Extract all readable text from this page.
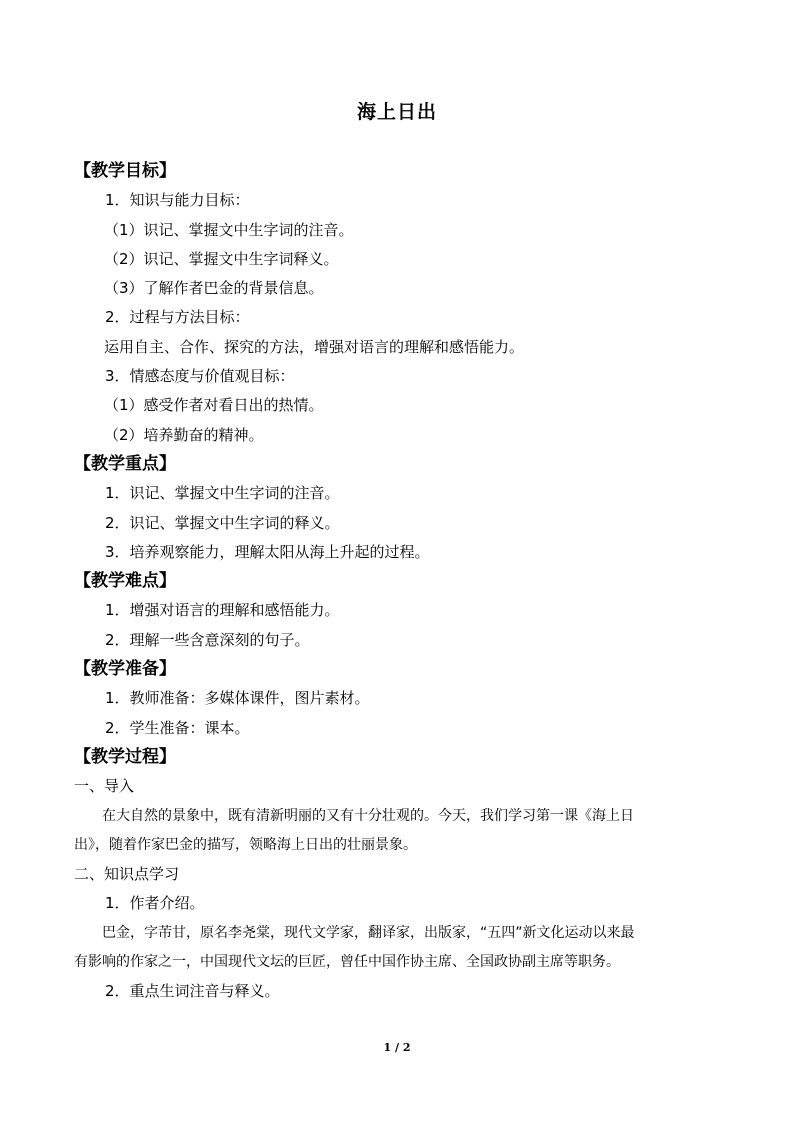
海上日出
【教学目标】
1．知识与能力目标：
（1）识记、掌握文中生字词的注音。
（2）识记、掌握文中生字词释义。
（3）了解作者巴金的背景信息。
2．过程与方法目标：
运用自主、合作、探究的方法，增强对语言的理解和感悟能力。
3．情感态度与价值观目标：
（1）感受作者对看日出的热情。
（2）培养勤奋的精神。
【教学重点】
1．识记、掌握文中生字词的注音。
2．识记、掌握文中生字词的释义。
3．培养观察能力，理解太阳从海上升起的过程。
【教学难点】
1．增强对语言的理解和感悟能力。
2．理解一些含意深刻的句子。
【教学准备】
1．教师准备：多媒体课件，图片素材。
2．学生准备：课本。
【教学过程】
一、导入
在大自然的景象中，既有清新明丽的又有十分壮观的。今天，我们学习第一课《海上日
出》，随着作家巴金的描写，领略海上日出的壮丽景象。
二、知识点学习
1．作者介绍。
巴金，字芾甘，原名李尧棠，现代文学家，翻译家，出版家，“五四”新文化运动以来最
有影响的作家之一，中国现代文坛的巨匠，曾任中国作协主席、全国政协副主席等职务。
2．重点生词注音与释义。
1 / 2
